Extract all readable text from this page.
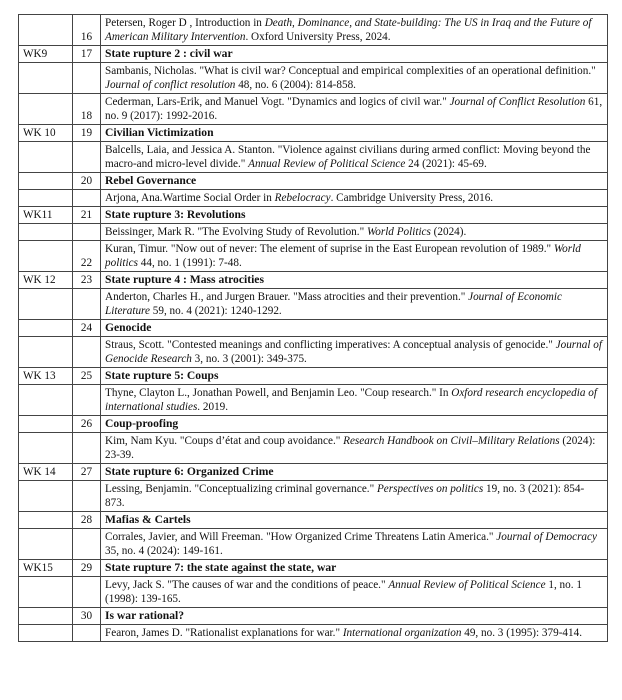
	16	Petersen, Roger D , Introduction in Death, Dominance, and State-building: The US in Iraq and the Future of American Military Intervention. Oxford University Press, 2024.
WK9	17	State rupture 2 : civil war
		Sambanis, Nicholas. "What is civil war? Conceptual and empirical complexities of an operational definition." Journal of conflict resolution 48, no. 6 (2004): 814-858.
	18	Cederman, Lars-Erik, and Manuel Vogt. "Dynamics and logics of civil war." Journal of Conflict Resolution 61, no. 9 (2017): 1992-2016.
WK 10	19	Civilian Victimization
		Balcells, Laia, and Jessica A. Stanton. "Violence against civilians during armed conflict: Moving beyond the macro-and micro-level divide." Annual Review of Political Science 24 (2021): 45-69.
	20	Rebel Governance
		Arjona, Ana.Wartime Social Order in Rebelocracy. Cambridge University Press, 2016.
WK11	21	State rupture 3: Revolutions
		Beissinger, Mark R. "The Evolving Study of Revolution." World Politics (2024).
	22	Kuran, Timur. "Now out of never: The element of suprise in the East European revolution of 1989." World politics 44, no. 1 (1991): 7-48.
WK 12	23	State rupture 4 : Mass atrocities
		Anderton, Charles H., and Jurgen Brauer. "Mass atrocities and their prevention." Journal of Economic Literature 59, no. 4 (2021): 1240-1292.
	24	Genocide
		Straus, Scott. "Contested meanings and conflicting imperatives: A conceptual analysis of genocide." Journal of Genocide Research 3, no. 3 (2001): 349-375.
WK 13	25	State rupture 5: Coups
		Thyne, Clayton L., Jonathan Powell, and Benjamin Leo. "Coup research." In Oxford research encyclopedia of international studies. 2019.
	26	Coup-proofing
		Kim, Nam Kyu. "Coups d’état and coup avoidance." Research Handbook on Civil–Military Relations (2024): 23-39.
WK 14	27	State rupture 6: Organized Crime
		Lessing, Benjamin. "Conceptualizing criminal governance." Perspectives on politics 19, no. 3 (2021): 854-873.
	28	Mafias & Cartels
		Corrales, Javier, and Will Freeman. "How Organized Crime Threatens Latin America." Journal of Democracy 35, no. 4 (2024): 149-161.
WK15	29	State rupture 7: the state against the state, war
		Levy, Jack S. "The causes of war and the conditions of peace." Annual Review of Political Science 1, no. 1 (1998): 139-165.
	30	Is war rational?
		Fearon, James D. "Rationalist explanations for war." International organization 49, no. 3 (1995): 379-414.
